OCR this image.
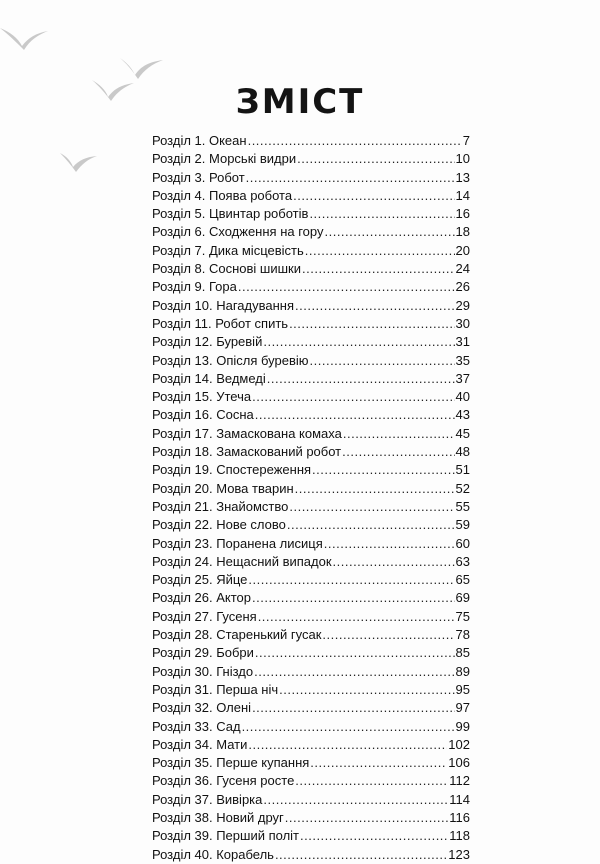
ЗМІСТ
Розділ 1. Океан .....	7
Розділ 2. Морські видри .....	10
Розділ 3. Робот .....	13
Розділ 4. Поява робота .....	14
Розділ 5. Цвинтар роботів .....	16
Розділ 6. Сходження на гору .....	18
Розділ 7. Дика місцевість .....	20
Розділ 8. Соснові шишки .....	24
Розділ 9. Гора .....	26
Розділ 10. Нагадування .....	29
Розділ 11. Робот спить .....	30
Розділ 12. Буревій .....	31
Розділ 13. Опісля буревію .....	35
Розділ 14. Ведмеді .....	37
Розділ 15. Утеча .....	40
Розділ 16. Сосна .....	43
Розділ 17. Замаскована комаха .....	45
Розділ 18. Замаскований робот .....	48
Розділ 19. Спостереження .....	51
Розділ 20. Мова тварин .....	52
Розділ 21. Знайомство .....	55
Розділ 22. Нове слово .....	59
Розділ 23. Поранена лисиця .....	60
Розділ 24. Нещасний випадок .....	63
Розділ 25. Яйце .....	65
Розділ 26. Актор .....	69
Розділ 27. Гусеня .....	75
Розділ 28. Старенький гусак .....	78
Розділ 29. Бобри .....	85
Розділ 30. Гніздо .....	89
Розділ 31. Перша ніч .....	95
Розділ 32. Олені .....	97
Розділ 33. Сад .....	99
Розділ 34. Мати .....	102
Розділ 35. Перше купання .....	106
Розділ 36. Гусеня росте .....	112
Розділ 37. Вивірка .....	114
Розділ 38. Новий друг .....	116
Розділ 39. Перший політ .....	118
Розділ 40. Корабель .....	123
